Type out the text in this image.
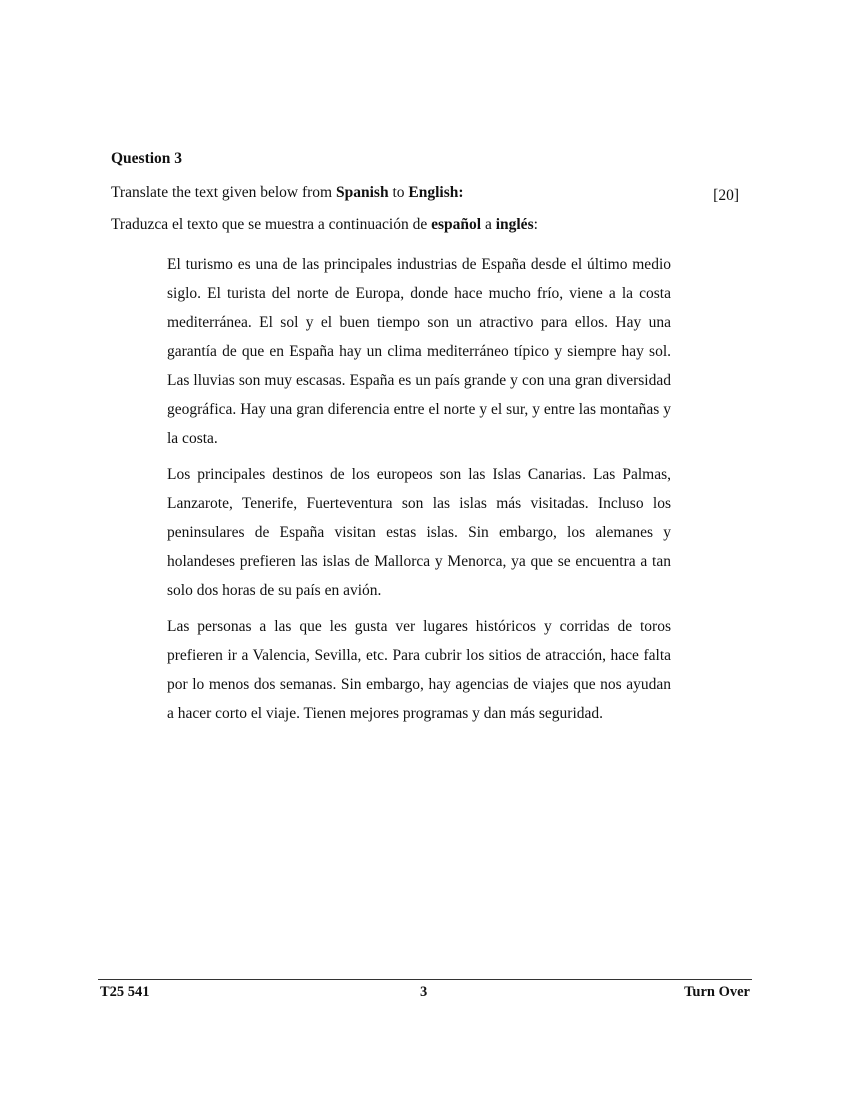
Question 3
Translate the text given below from Spanish to English:	[20]
Traduzca el texto que se muestra a continuación de español a inglés:

El turismo es una de las principales industrias de España desde el último medio siglo. El turista del norte de Europa, donde hace mucho frío, viene a la costa mediterránea. El sol y el buen tiempo son un atractivo para ellos. Hay una garantía de que en España hay un clima mediterráneo típico y siempre hay sol. Las lluvias son muy escasas. España es un país grande y con una gran diversidad geográfica. Hay una gran diferencia entre el norte y el sur, y entre las montañas y la costa.

Los principales destinos de los europeos son las Islas Canarias. Las Palmas, Lanzarote, Tenerife, Fuerteventura son las islas más visitadas. Incluso los peninsulares de España visitan estas islas. Sin embargo, los alemanes y holandeses prefieren las islas de Mallorca y Menorca, ya que se encuentra a tan solo dos horas de su país en avión.

Las personas a las que les gusta ver lugares históricos y corridas de toros prefieren ir a Valencia, Sevilla, etc. Para cubrir los sitios de atracción, hace falta por lo menos dos semanas. Sin embargo, hay agencias de viajes que nos ayudan a hacer corto el viaje. Tienen mejores programas y dan más seguridad.

T25 541	3	Turn Over
